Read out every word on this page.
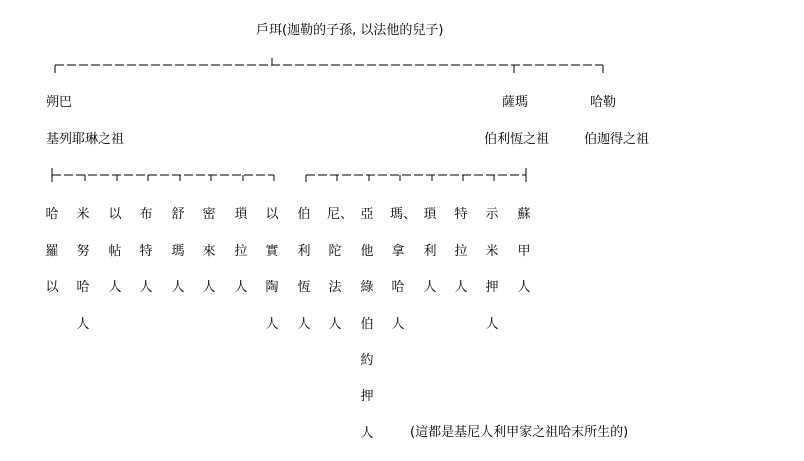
戶珥(迦勒的子孫, 以法他的兒子)
朔巴
基列耶琳之祖
薩瑪
伯利恆之祖
哈勒
伯迦得之祖
哈
羅
以
米
努
哈
人
以
帖
人
布
特
人
舒
瑪
人
密
來
人
瑣
拉
人
以
實
陶
人
伯
利
恆
人
尼、
陀
法
人
亞
他
綠
伯
約
押
人
瑪、
拿
哈
人
瑣
利
人
特
拉
人
示
米
押
人
蘇
甲
人
(這都是基尼人利甲家之祖哈末所生的)
